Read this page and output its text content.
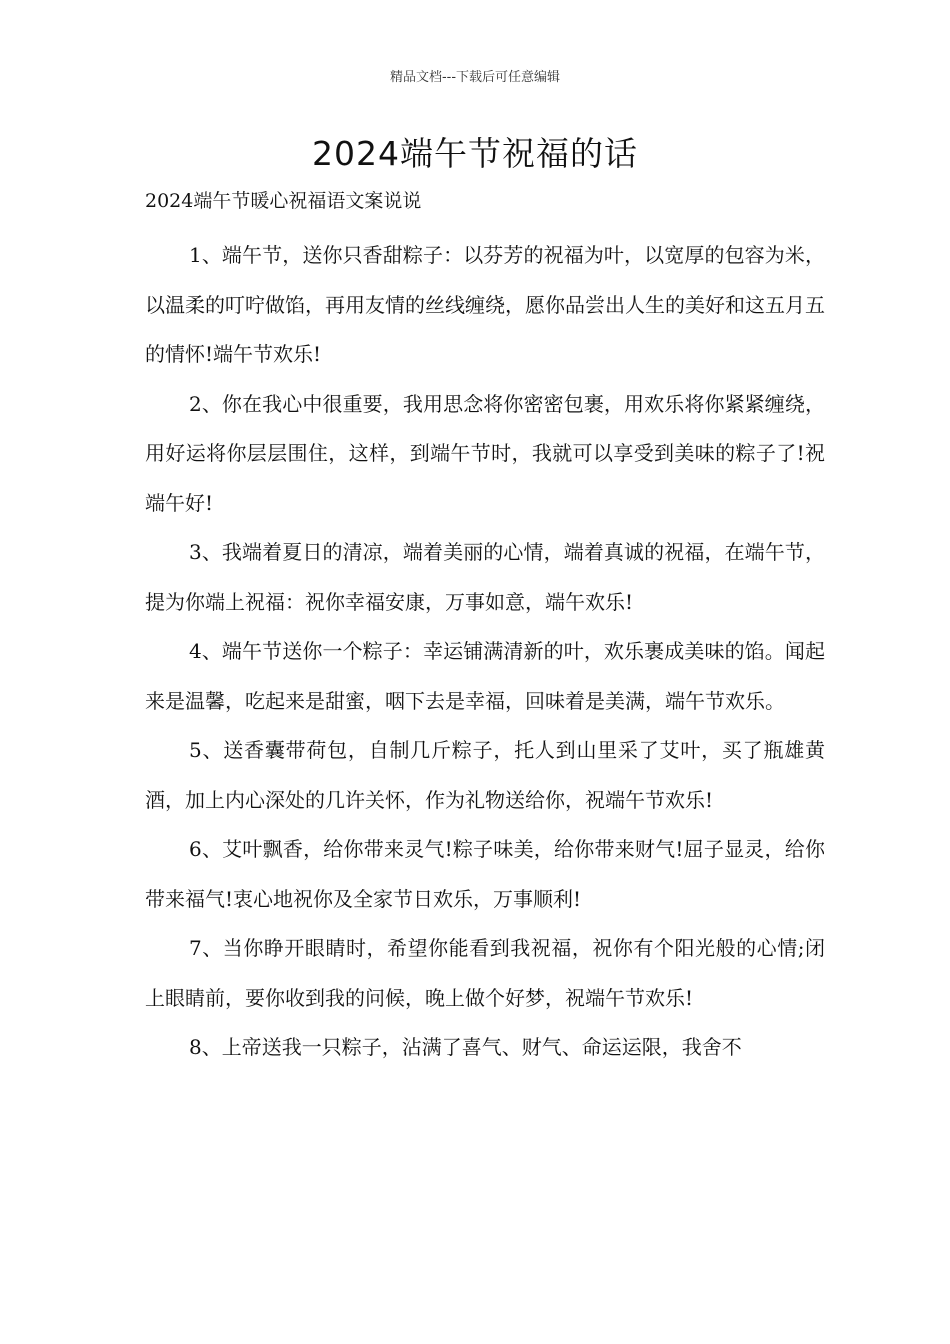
精品文档---下载后可任意编辑
2024端午节祝福的话

2024端午节暖心祝福语文案说说

1、端午节，送你只香甜粽子：以芬芳的祝福为叶，以宽厚的包容为米，以温柔的叮咛做馅，再用友情的丝线缠绕，愿你品尝出人生的美好和这五月五的情怀!端午节欢乐!

2、你在我心中很重要，我用思念将你密密包裹，用欢乐将你紧紧缠绕，用好运将你层层围住，这样，到端午节时，我就可以享受到美味的粽子了!祝端午好!

3、我端着夏日的清凉，端着美丽的心情，端着真诚的祝福，在端午节，提为你端上祝福：祝你幸福安康，万事如意，端午欢乐!

4、端午节送你一个粽子：幸运铺满清新的叶，欢乐裹成美味的馅。闻起来是温馨，吃起来是甜蜜，咽下去是幸福，回味着是美满，端午节欢乐。

5、送香囊带荷包，自制几斤粽子，托人到山里采了艾叶，买了瓶雄黄酒，加上内心深处的几许关怀，作为礼物送给你，祝端午节欢乐!

6、艾叶飘香，给你带来灵气!粽子味美，给你带来财气!屈子显灵，给你带来福气!衷心地祝你及全家节日欢乐，万事顺利!

7、当你睁开眼睛时，希望你能看到我祝福，祝你有个阳光般的心情;闭上眼睛前，要你收到我的问候，晚上做个好梦，祝端午节欢乐!

8、上帝送我一只粽子，沾满了喜气、财气、命运运限，我舍不
